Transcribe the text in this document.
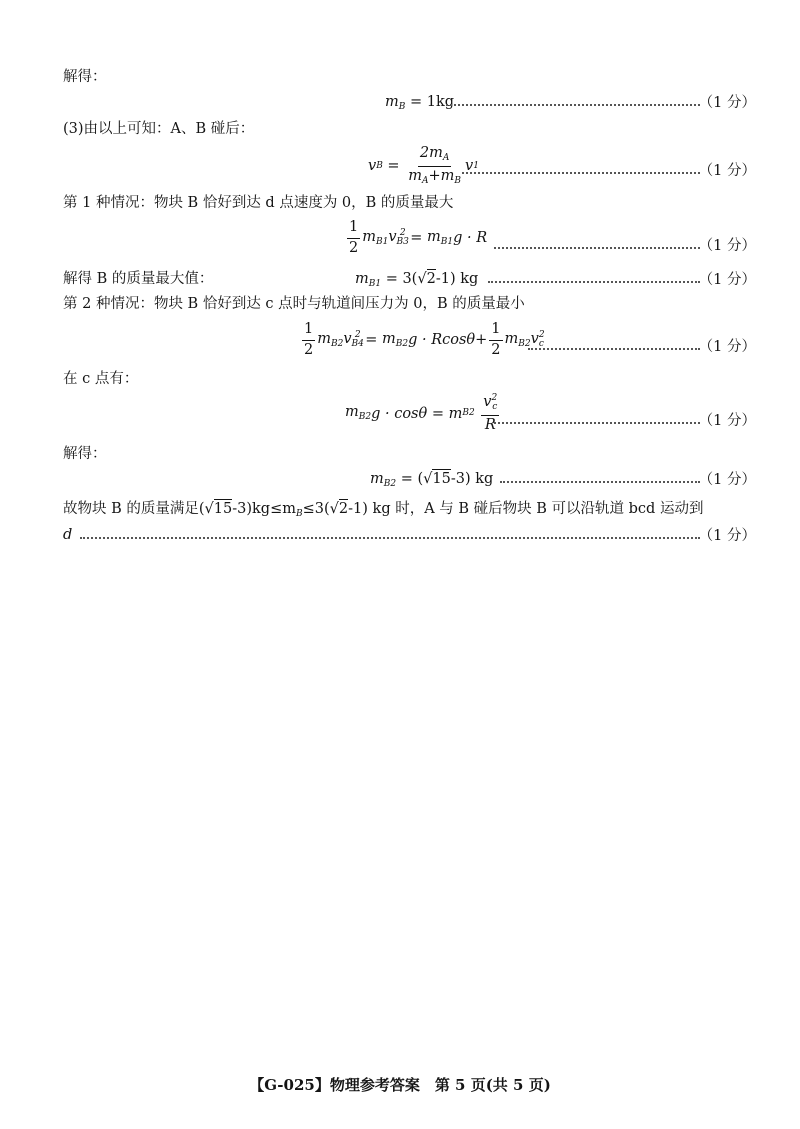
解得：
$m_B = 1kg$	（1 分）
(3)由以上可知：A、B 碰后：
v $B = \frac{2m_A}{m_A+m_B}$ v 1	（1 分）
第 1 种情况：物块 B 恰好到达 d 点速度为 0，B 的质量最大
$\frac{1}{2} m_{B1}v_{B3}^2 = m_{B1}$ g · R	（1 分）
解得 B 的质量最大值：	$m_{B1} = 3(√2-1)$ kg	（1 分）
第 2 种情况：物块 B 恰好到达 c 点时与轨道间压力为 0，B 的质量最小
$\frac{1}{2} m_{B2}v_{B4}^2 = m_{B2}$ $g \cdot Rcos\theta+ \frac{1}{2} m_{B2}v_c^2$
（1 分）
在 c 点有：
$m_{B2}$ g · cosθ = m B2
$\frac{v^2_c}{R}$	（1 分）
解得：
$m_{B2} = (√15-3)$ kg	（1 分）
故物块 B 的质量满足$(√15-3)kg\le m_B\le 3(√2-1)$ kg 时，A 与 B 碰后物块 B 可以沿轨道 bcd 运动到
d	（1 分）
【G-025】物理参考答案　第 5 页(共 5 页)
